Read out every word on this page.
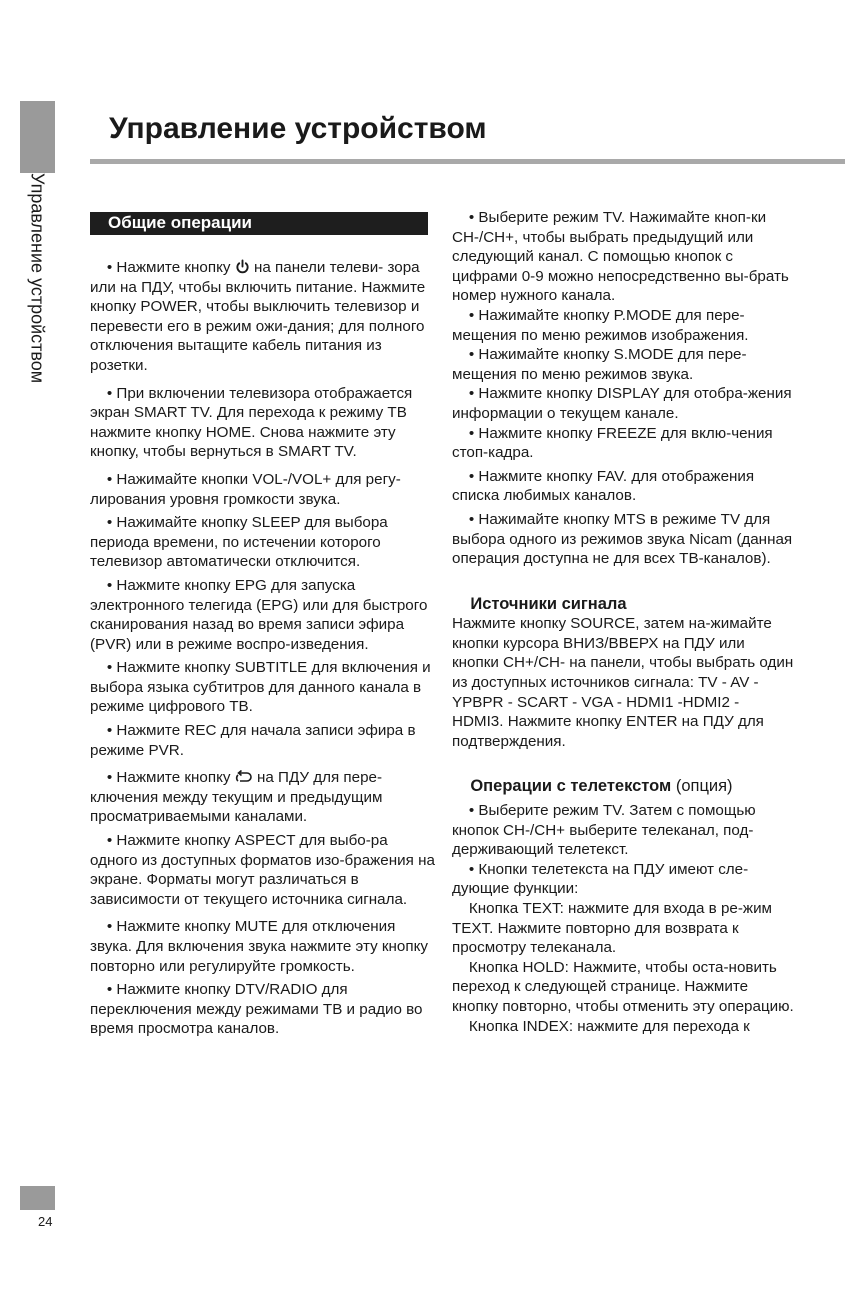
Управление устройством
Управление устройством
Общие операции

• Нажмите кнопку на панели телеви- зора или на ПДУ, чтобы включить питание. Нажмите кнопку POWER, чтобы выключить телевизор и перевести его в режим ожи-дания; для полного отключения вытащите кабель питания из розетки.

• При включении телевизора отображается экран SMART TV. Для перехода к режиму ТВ нажмите кнопку HOME. Снова нажмите эту кнопку, чтобы вернуться в SMART TV.

• Нажимайте кнопки VOL-/VOL+ для регу-лирования уровня громкости звука.

• Нажимайте кнопку SLEEP для выбора периода времени, по истечении которого телевизор автоматически отключится.

• Нажмите кнопку EPG для запуска электронного телегида (EPG) или для быстрого сканирования назад во время записи эфира (PVR) или в режиме воспро-изведения.

• Нажмите кнопку SUBTITLE для включения и выбора языка субтитров для данного канала в режиме цифрового ТВ.

• Нажмите REC для начала записи эфира в режиме PVR.

• Нажмите кнопку на ПДУ для пере- ключения между текущим и предыдущим просматриваемыми каналами.

• Нажмите кнопку ASPECT для выбо-ра одного из доступных форматов изо-бражения на экране. Форматы могут различаться в зависимости от текущего источника сигнала.

• Нажмите кнопку MUTE для отключения звука. Для включения звука нажмите эту кнопку повторно или регулируйте громкость.

• Нажмите кнопку DTV/RADIO для переключения между режимами ТВ и радио во время просмотра каналов.

• Выберите режим TV. Нажимайте кноп-ки CH-/CH+, чтобы выбрать предыдущий или следующий канал. С помощью кнопок с цифрами 0-9 можно непосредственно вы-брать номер нужного канала.

• Нажимайте кнопку P.MODE для пере-мещения по меню режимов изображения.

• Нажимайте кнопку S.MODE для пере-мещения по меню режимов звука.

• Нажмите кнопку DISPLAY для отобра-жения информации о текущем канале.

• Нажмите кнопку FREEZE для вклю-чения стоп-кадра.

• Нажмите кнопку FAV. для отображения списка любимых каналов.

• Нажимайте кнопку MTS в режиме TV для выбора одного из режимов звука Nicam (данная операция доступна не для всех ТВ-каналов).

Источники сигнала

Нажмите кнопку SOURCE, затем на-жимайте кнопки курсора ВНИЗ/ВВЕРХ на ПДУ или кнопки CH+/CH- на панели, чтобы выбрать один из доступных источников сигнала: TV - AV - YPBPR - SCART - VGA - HDMI1 -HDMI2 - HDMI3. Нажмите кнопку ENTER на ПДУ для подтверждения.

Операции с телетекстом (опция)

• Выберите режим TV. Затем с помощью кнопок CH-/CH+ выберите телеканал, под-держивающий телетекст.

• Кнопки телетекста на ПДУ имеют сле-дующие функции:

Кнопка TEXT: нажмите для входа в ре-жим TEXT. Нажмите повторно для возврата к просмотру телеканала.

Кнопка HOLD: Нажмите, чтобы оста-новить переход к следующей странице. Нажмите кнопку повторно, чтобы отменить эту операцию.

Кнопка INDEX: нажмите для перехода к

24
